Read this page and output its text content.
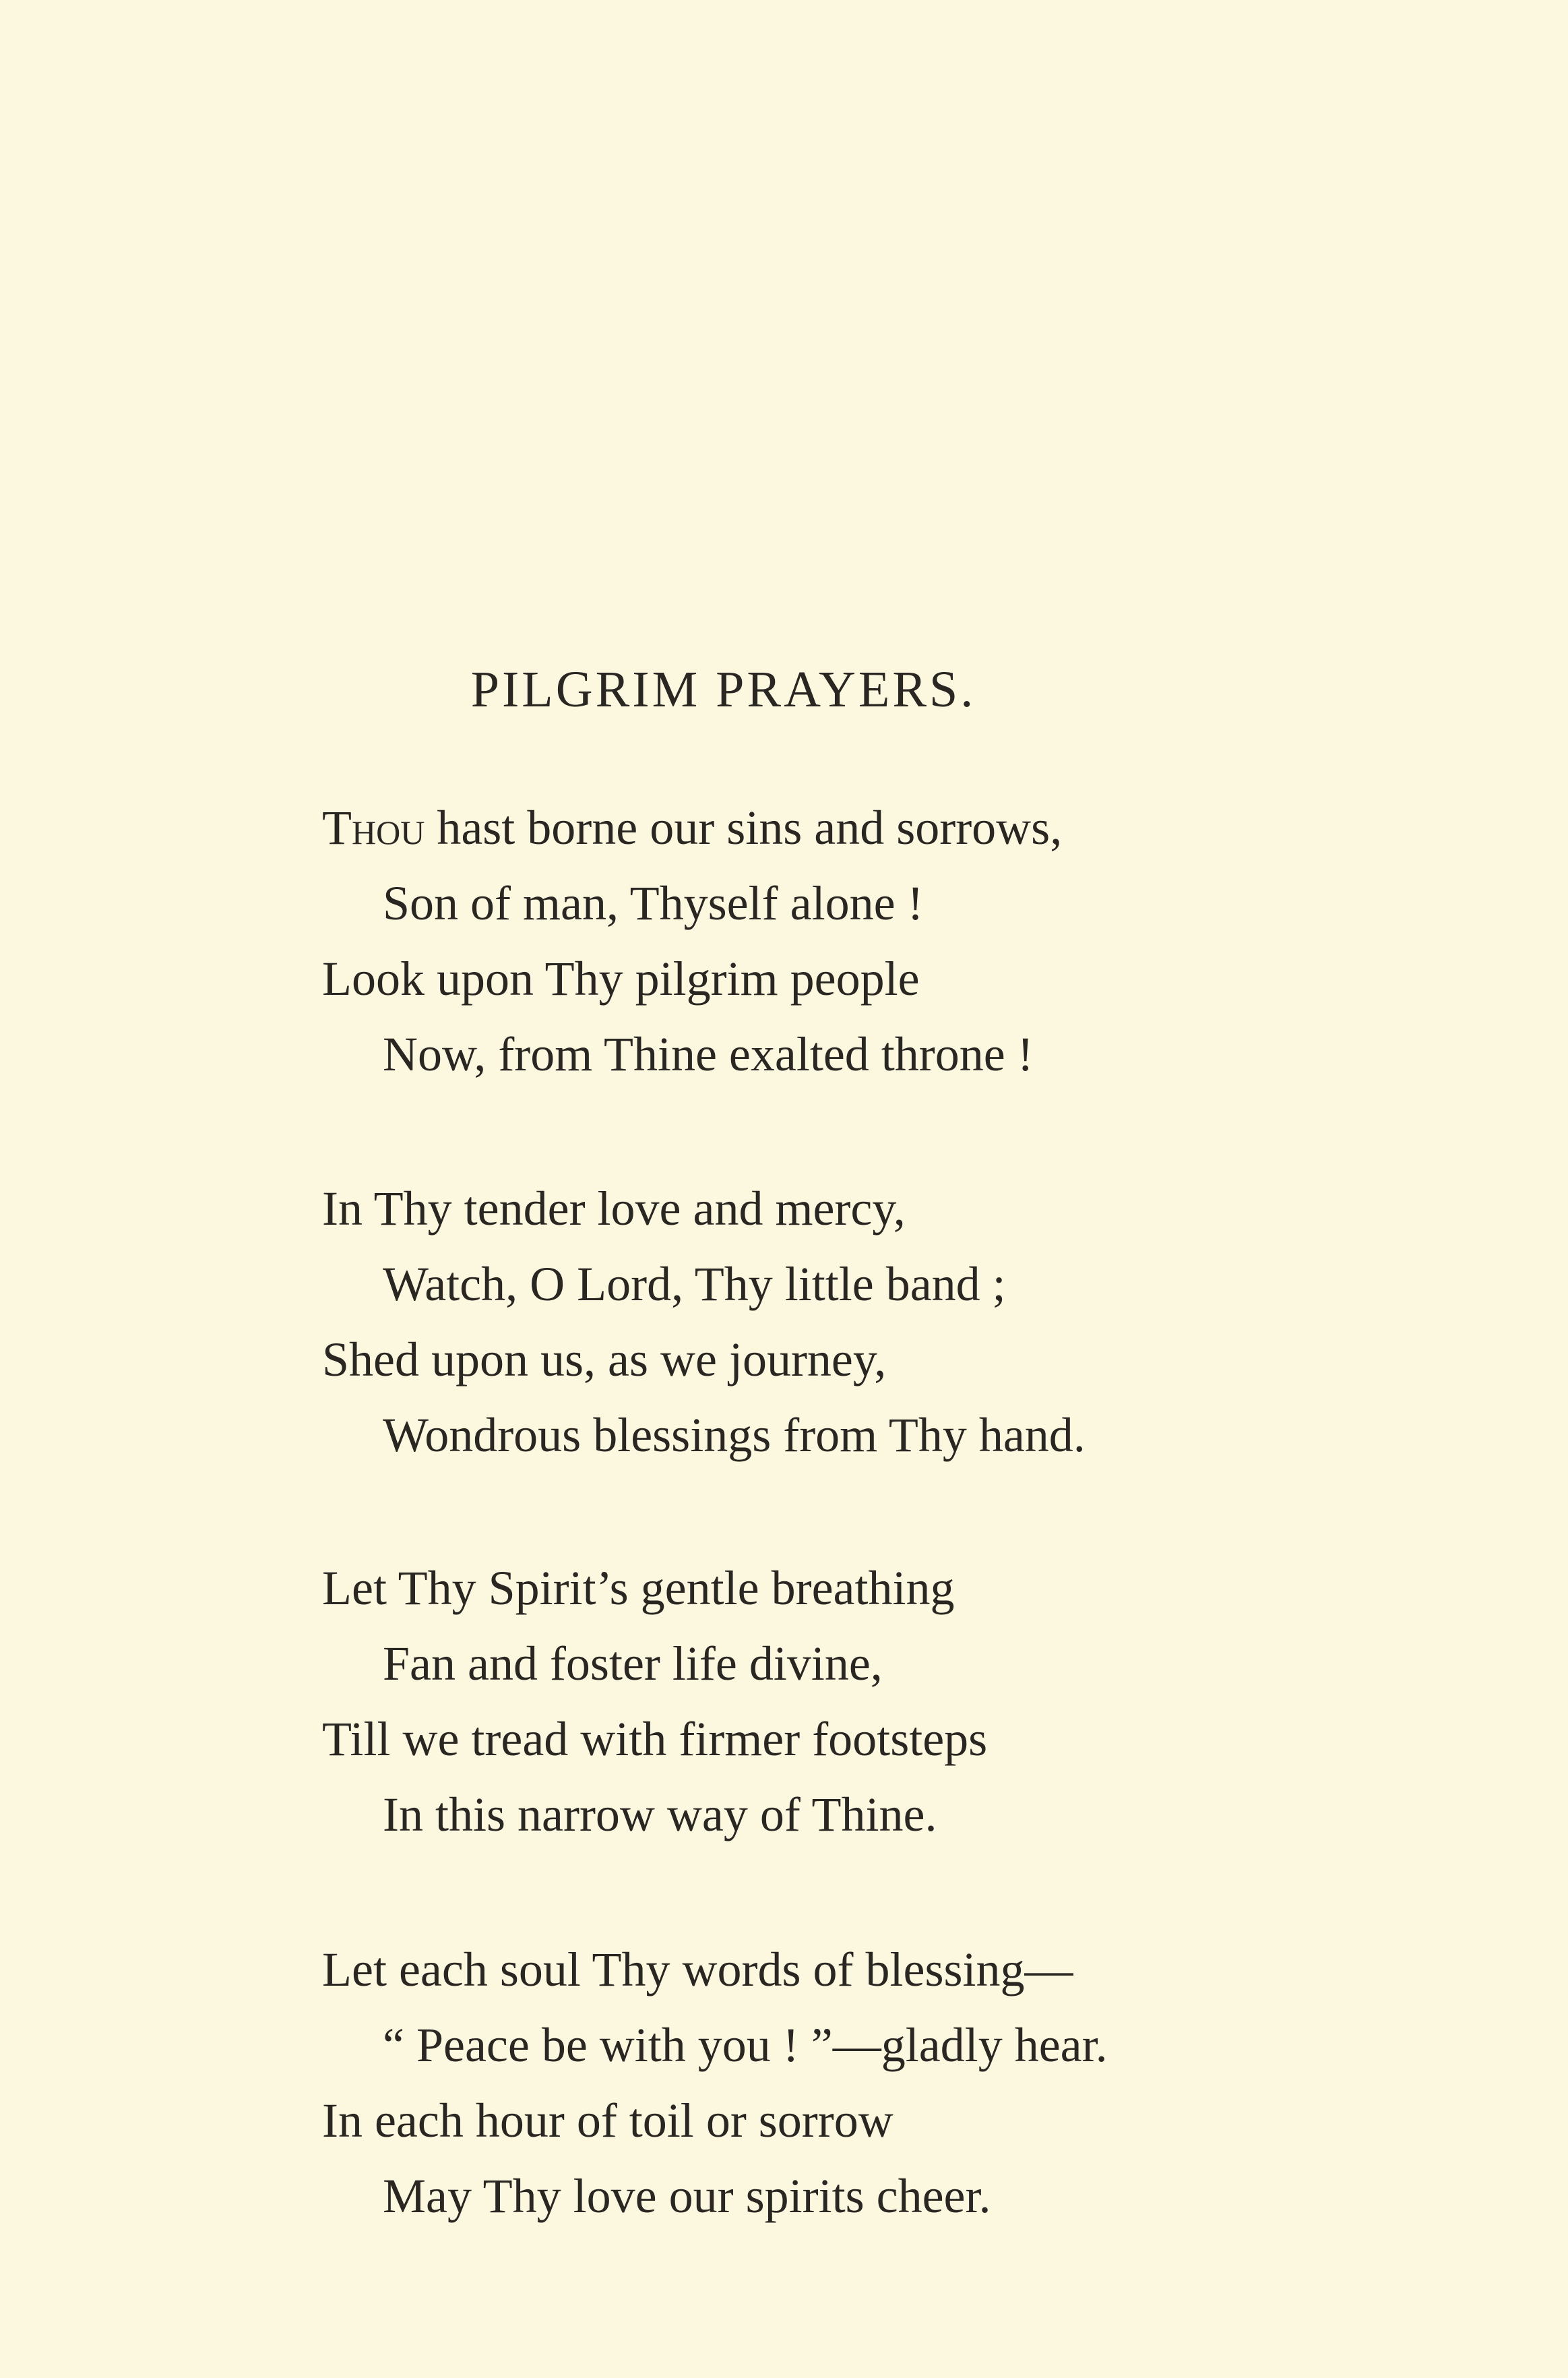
PILGRIM PRAYERS.
Thou hast borne our sins and sorrows,
Son of man, Thyself alone !
Look upon Thy pilgrim people
Now, from Thine exalted throne !
In Thy tender love and mercy,
Watch, O Lord, Thy little band ;
Shed upon us, as we journey,
Wondrous blessings from Thy hand.
Let Thy Spirit’s gentle breathing
Fan and foster life divine,
Till we tread with firmer footsteps
In this narrow way of Thine.
Let each soul Thy words of blessing—
“ Peace be with you ! ”—gladly hear.
In each hour of toil or sorrow
May Thy love our spirits cheer.
